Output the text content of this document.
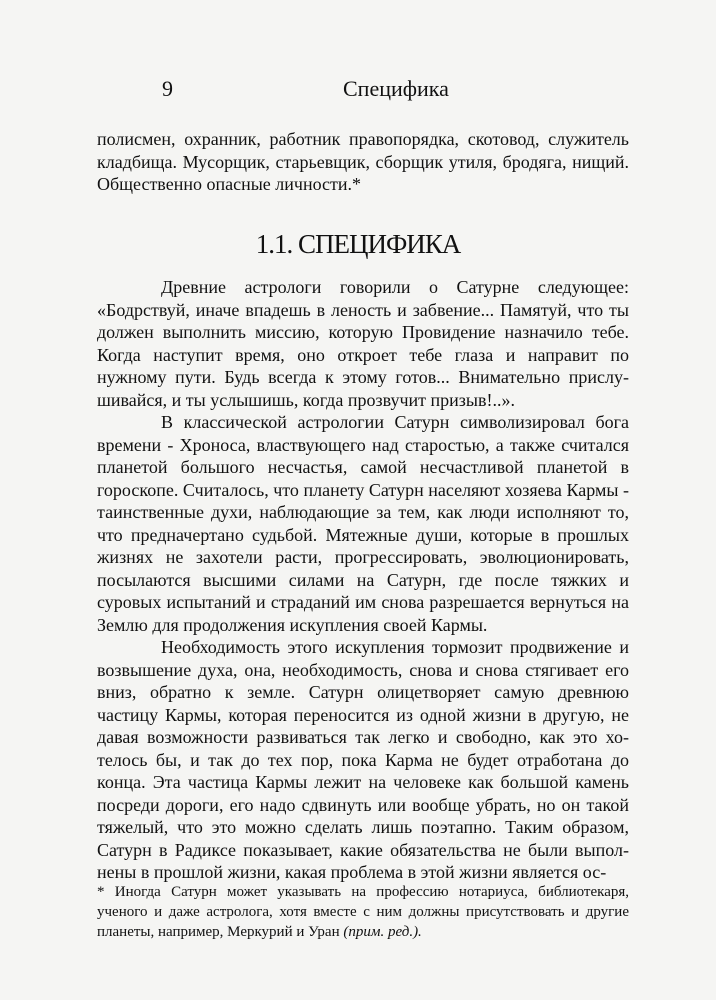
9	Специфика
полисмен, охранник, работник правопорядка, скотовод, служитель кладбища. Мусорщик, старьевщик, сборщик утиля, бродяга, нищий. Общественно опасные личности.*
1.1. СПЕЦИФИКА

Древние астрологи говорили о Сатурне следующее: «Бодрствуй, иначе впадешь в леность и забвение... Памятуй, что ты должен выполнить миссию, которую Провидение назначило тебе. Когда наступит время, оно откроет тебе глаза и направит по нужному пути. Будь всегда к этому готов... Внимательно прислу-шивайся, и ты услышишь, когда прозвучит призыв!..».

В классической астрологии Сатурн символизировал бога времени - Хроноса, властвующего над старостью, а также считался планетой большого несчастья, самой несчастливой планетой в гороскопе. Считалось, что планету Сатурн населяют хозяева Кармы - таинственные духи, наблюдающие за тем, как люди исполняют то, что предначертано судьбой. Мятежные души, которые в прошлых жизнях не захотели расти, прогрессировать, эволюционировать, посылаются высшими силами на Сатурн, где после тяжких и суровых испытаний и страданий им снова разрешается вернуться на Землю для продолжения искупления своей Кармы.

Необходимость этого искупления тормозит продвижение и возвышение духа, она, необходимость, снова и снова стягивает его вниз, обратно к земле. Сатурн олицетворяет самую древнюю частицу Кармы, которая переносится из одной жизни в другую, не давая возможности развиваться так легко и свободно, как это хо-телось бы, и так до тех пор, пока Карма не будет отработана до конца. Эта частица Кармы лежит на человеке как большой камень посреди дороги, его надо сдвинуть или вообще убрать, но он такой тяжелый, что это можно сделать лишь поэтапно. Таким образом, Сатурн в Радиксе показывает, какие обязательства не были выпол-нены в прошлой жизни, какая проблема в этой жизни является ос-

* Иногда Сатурн может указывать на профессию нотариуса, библиотекаря, ученого и даже астролога, хотя вместе с ним должны присутствовать и другие планеты, например, Меркурий и Уран (прим. ред.).
